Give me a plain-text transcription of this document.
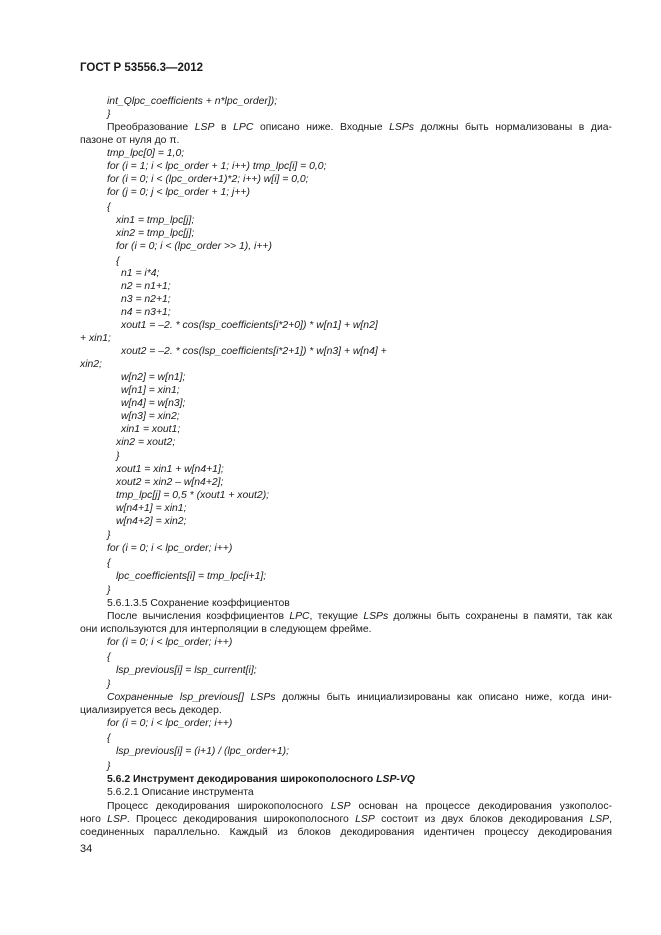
ГОСТ Р 53556.3—2012
int_Qlpc_coefficients + n*lpc_order]);
}
Преобразование LSP в LPC описано ниже. Входные LSPs должны быть нормализованы в диа-
пазоне от нуля до π.
tmp_lpc[0] = 1,0;
for (i = 1; i < lpc_order + 1; i++) tmp_lpc[i] = 0,0;
for (i = 0; i < (lpc_order+1)*2; i++) w[i] = 0,0;
for (j = 0; j < lpc_order + 1; j++)
{
xin1 = tmp_lpc[j];
xin2 = tmp_lpc[j];
for (i = 0; i < (lpc_order >> 1), i++)
{
n1 = i*4;
n2 = n1+1;
n3 = n2+1;
n4 = n3+1;
xout1 = –2. * cos(lsp_coefficients[i*2+0]) * w[n1] + w[n2]
+ xin1;
xout2 = –2. * cos(lsp_coefficients[i*2+1]) * w[n3] + w[n4] +
xin2;
w[n2] = w[n1];
w[n1] = xin1;
w[n4] = w[n3];
w[n3] = xin2;
xin1 = xout1;
xin2 = xout2;
}
xout1 = xin1 + w[n4+1];
xout2 = xin2 – w[n4+2];
tmp_lpc[j] = 0,5 * (xout1 + xout2);
w[n4+1] = xin1;
w[n4+2] = xin2;
}
for (i = 0; i < lpc_order; i++)
{
lpc_coefficients[i] = tmp_lpc[i+1];
}
5.6.1.3.5 Сохранение коэффициентов
После вычисления коэффициентов LPC, текущие LSPs должны быть сохранены в памяти, так как
они используются для интерполяции в следующем фрейме.
for (i = 0; i < lpc_order; i++)
{
lsp_previous[i] = lsp_current[i];
}
Сохраненные lsp_previous[] LSPs должны быть инициализированы как описано ниже, когда ини-
циализируется весь декодер.
for (i = 0; i < lpc_order; i++)
{
lsp_previous[i] = (i+1) / (lpc_order+1);
}
5.6.2 Инструмент декодирования широкополосного LSP-VQ
5.6.2.1 Описание инструмента
Процесс декодирования широкополосного LSP основан на процессе декодирования узкополос-
ного LSP. Процесс декодирования широкополосного LSP состоит из двух блоков декодирования LSP,
соединенных параллельно. Каждый из блоков декодирования идентичен процессу декодирования
34
